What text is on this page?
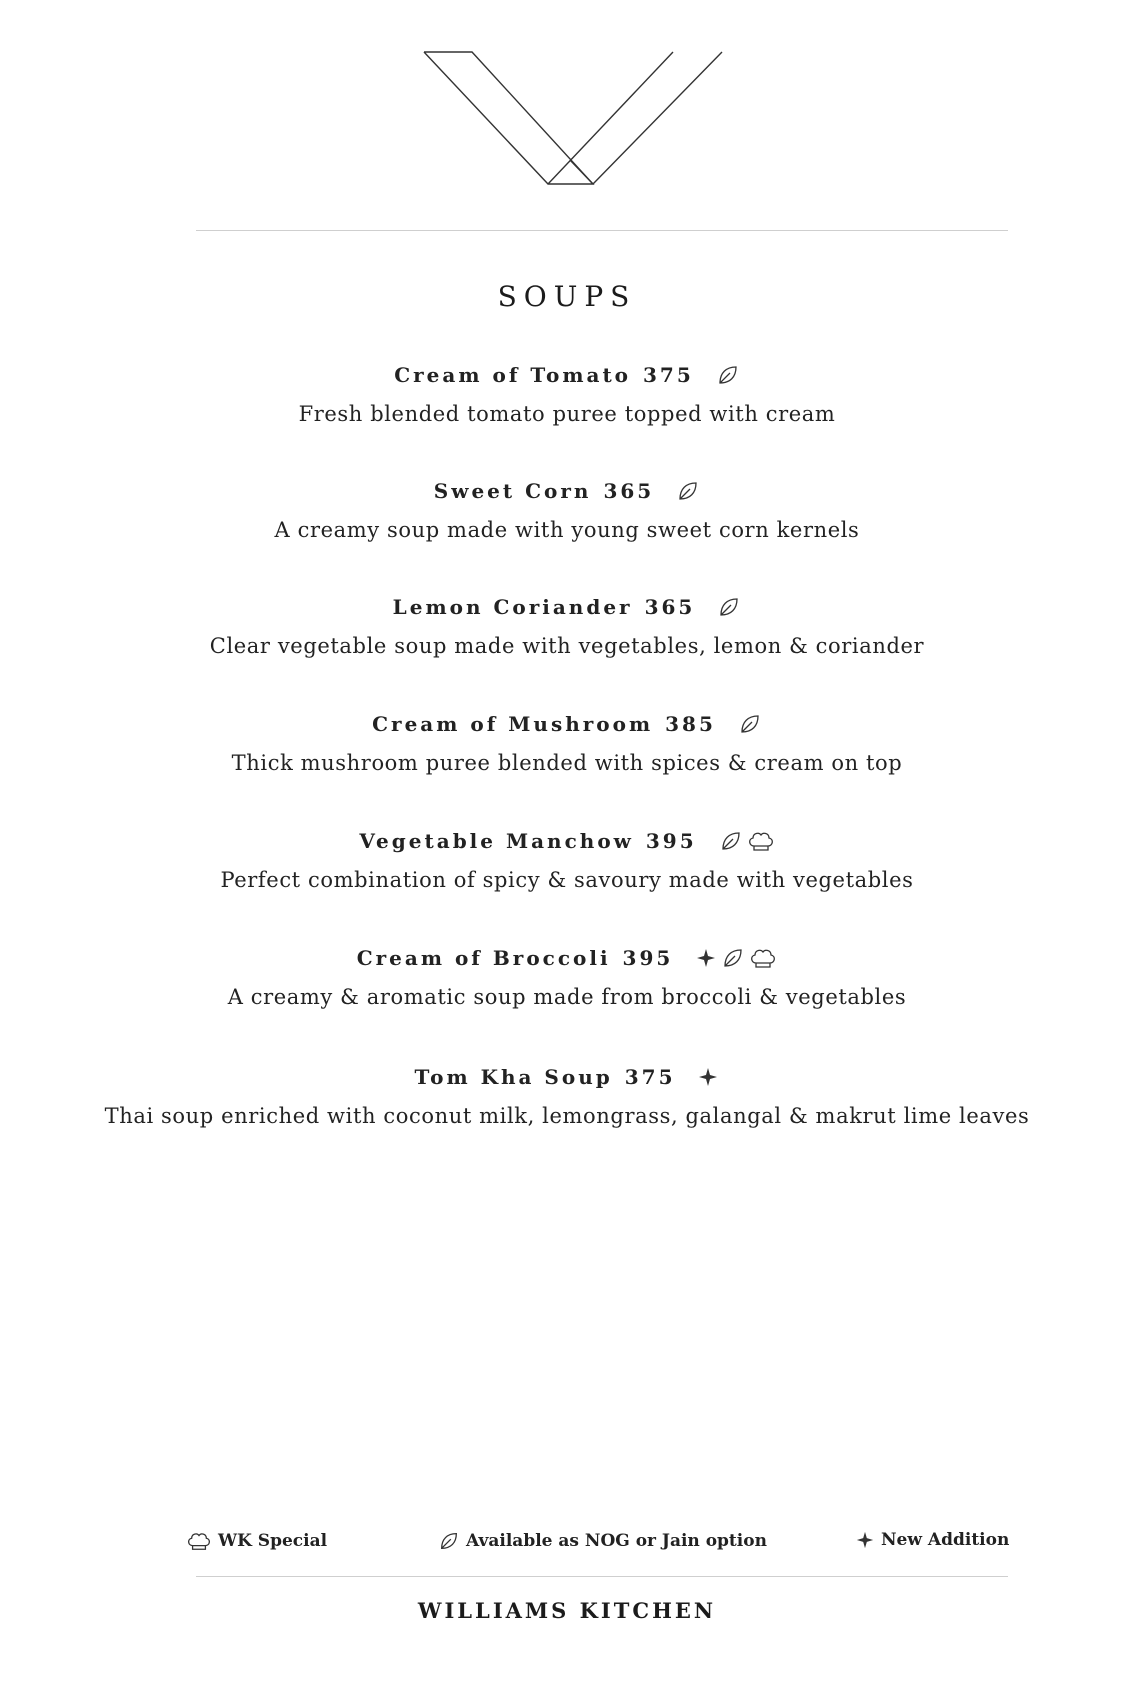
SOUPS
Cream of Tomato 375
Fresh blended tomato puree topped with cream
Sweet Corn 365
A creamy soup made with young sweet corn kernels
Lemon Coriander 365
Clear vegetable soup made with vegetables, lemon & coriander
Cream of Mushroom 385
Thick mushroom puree blended with spices & cream on top
Vegetable Manchow 395
Perfect combination of spicy & savoury made with vegetables
Cream of Broccoli 395
A creamy & aromatic soup made from broccoli & vegetables
Tom Kha Soup 375
Thai soup enriched with coconut milk, lemongrass, galangal & makrut lime leaves
WK Special	Available as NOG or Jain option	New Addition
WILLIAMS KITCHEN
